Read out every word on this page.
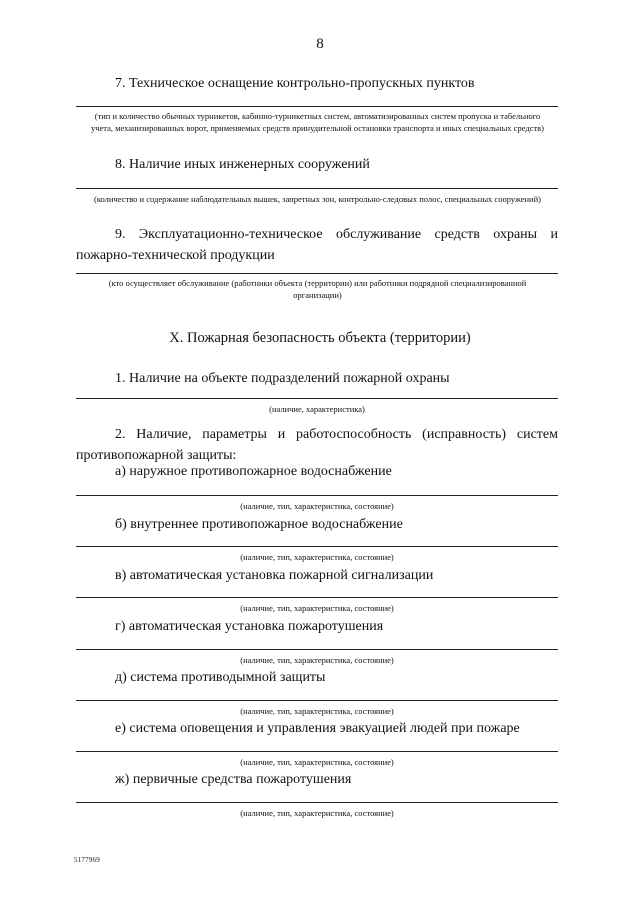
8
7. Техническое оснащение контрольно-пропускных пунктов
(тип и количество обычных турникетов, кабинно-турникетных систем, автоматизированных систем пропуска и табельного учета, механизированных ворот, применяемых средств принудительной остановки транспорта и иных специальных средств)
8. Наличие иных инженерных сооружений
(количество и содержание наблюдательных вышек, запретных зон, контрольно-следовых полос, специальных сооружений)
9. Эксплуатационно-техническое обслуживание средств охраны и пожарно-технической продукции
(кто осуществляет обслуживание (работники объекта (территории) или работники подрядной специализированной организации)
X. Пожарная безопасность объекта (территории)
1. Наличие на объекте подразделений пожарной охраны
(наличие, характеристика)
2. Наличие, параметры и работоспособность (исправность) систем противопожарной защиты:
а) наружное противопожарное водоснабжение
(наличие, тип, характеристика, состояние)
б) внутреннее противопожарное водоснабжение
(наличие, тип, характеристика, состояние)
в) автоматическая установка пожарной сигнализации
(наличие, тип, характеристика, состояние)
г) автоматическая установка пожаротушения
(наличие, тип, характеристика, состояние)
д) система противодымной защиты
(наличие, тип, характеристика, состояние)
е) система оповещения и управления эвакуацией людей при пожаре
(наличие, тип, характеристика, состояние)
ж) первичные средства пожаротушения
(наличие, тип, характеристика, состояние)
5177969
